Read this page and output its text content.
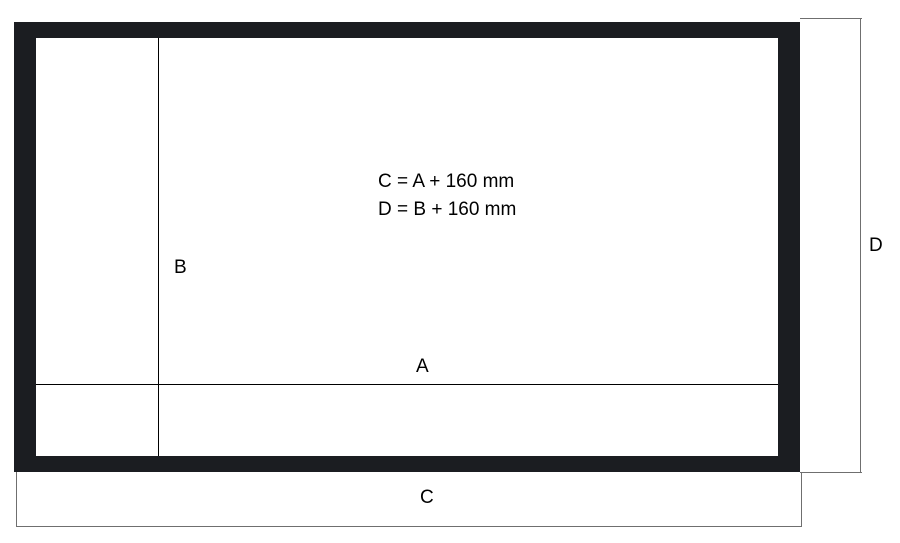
C = A + 160 mm
D = B + 160 mm
B
A
D
C
